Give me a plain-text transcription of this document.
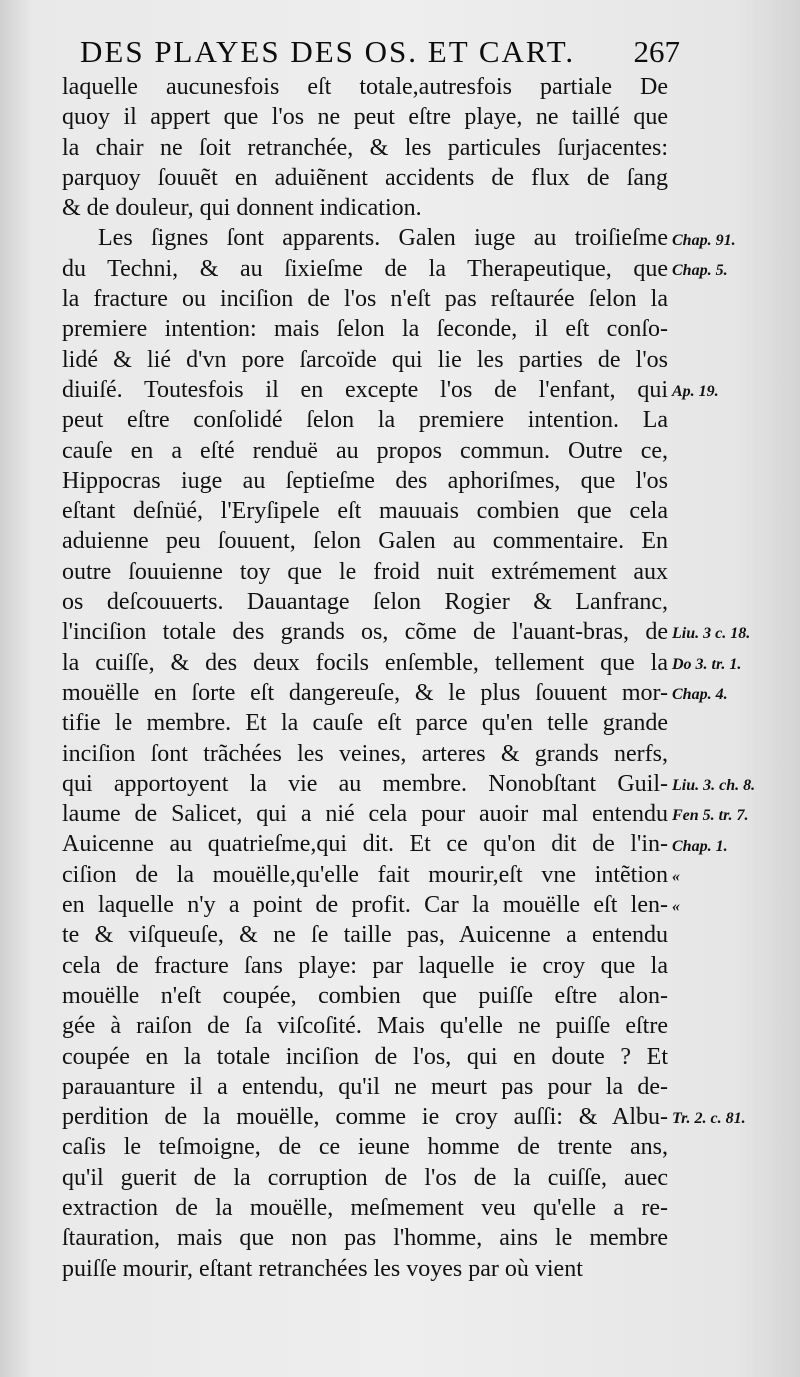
DES PLAYES DES OS. ET CART. 267
laquelle aucunesfois eſt totale,autresfois partiale De
quoy il appert que l'os ne peut eſtre playe, ne taillé que
la chair ne ſoit retranchée, & les particules ſurjacentes:
parquoy ſouuẽt en aduiẽnent accidents de flux de ſang
& de douleur, qui donnent indication.
Les ſignes ſont apparents. Galen iuge au troiſieſme
du Techni, & au ſixieſme de la Therapeutique, que
la fracture ou inciſion de l'os n'eſt pas reſtaurée ſelon la
premiere intention: mais ſelon la ſeconde, il eſt conſo-
lidé & lié d'vn pore ſarcoïde qui lie les parties de l'os
diuiſé. Toutesfois il en excepte l'os de l'enfant, qui
peut eſtre conſolidé ſelon la premiere intention. La
cauſe en a eſté renduë au propos commun. Outre ce,
Hippocras iuge au ſeptieſme des aphoriſmes, que l'os
eſtant deſnüé, l'Eryſipele eſt mauuais combien que cela
aduienne peu ſouuent, ſelon Galen au commentaire. En
outre ſouuienne toy que le froid nuit extrémement aux
os deſcouuerts. Dauantage ſelon Rogier & Lanfranc,
l'inciſion totale des grands os, cõme de l'auant-bras, de
la cuiſſe, & des deux focils enſemble, tellement que la
mouëlle en ſorte eſt dangereuſe, & le plus ſouuent mor-
tifie le membre. Et la cauſe eſt parce qu'en telle grande
inciſion ſont trãchées les veines, arteres & grands nerfs,
qui apportoyent la vie au membre. Nonobſtant Guil-
laume de Salicet, qui a nié cela pour auoir mal entendu
Auicenne au quatrieſme,qui dit. Et ce qu'on dit de l'in-
ciſion de la mouëlle,qu'elle fait mourir,eſt vne intẽtion
en laquelle n'y a point de profit. Car la mouëlle eſt len-
te & viſqueuſe, & ne ſe taille pas, Auicenne a entendu
cela de fracture ſans playe: par laquelle ie croy que la
mouëlle n'eſt coupée, combien que puiſſe eſtre alon-
gée à raiſon de ſa viſcoſité. Mais qu'elle ne puiſſe eſtre
coupée en la totale inciſion de l'os, qui en doute ? Et
parauanture il a entendu, qu'il ne meurt pas pour la de-
perdition de la mouëlle, comme ie croy auſſi: & Albu-
caſis le teſmoigne, de ce ieune homme de trente ans,
qu'il guerit de la corruption de l'os de la cuiſſe, auec
extraction de la mouëlle, meſmement veu qu'elle a re-
ſtauration, mais que non pas l'homme, ains le membre
puiſſe mourir, eſtant retranchées les voyes par où vient
Chap. 91.
Chap. 5.
Ap. 19.
Liu. 3 c. 18.
Do 3. tr. 1.
Chap. 4.
Liu. 3. ch. 8.
Fen 5. tr. 7.
Chap. 1.
«
«
Tr. 2. c. 81.
